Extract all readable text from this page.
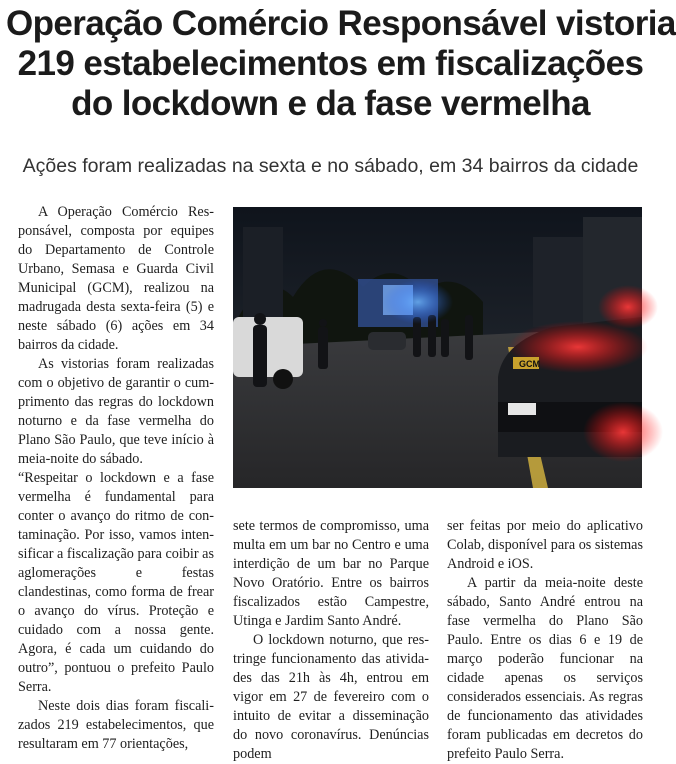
Operação Comércio Responsável vistoria
219 estabelecimentos em fiscalizações
do lockdown e da fase vermelha
Ações foram realizadas na sexta e no sábado, em 34 bairros da cidade

A Operação Comércio Responsável, composta por equipes do Departamento de Controle Urbano, Semasa e Guarda Civil Municipal (GCM), realizou na madrugada desta sexta-feira (5) e neste sábado (6) ações em 34 bairros da cidade.

As vistorias foram realizadas com o objetivo de garantir o cumprimento das regras do lockdown noturno e da fase vermelha do Plano São Paulo, que teve início à meia-noite do sábado.

“Respeitar o lockdown e a fase vermelha é fundamental para conter o avanço do ritmo de contaminação. Por isso, vamos intensificar a fiscalização para coibir as aglomerações e festas clandestinas, como forma de frear o avanço do vírus. Proteção e cuidado com a nossa gente. Agora, é cada um cuidando do outro”, pontuou o prefeito Paulo Serra.

Neste dois dias foram fiscalizados 219 estabelecimentos, que resultaram em 77 orientações,

GCM

sete termos de compromisso, uma multa em um bar no Centro e uma interdição de um bar no Parque Novo Oratório. Entre os bairros fiscalizados estão Campestre, Utinga e Jardim Santo André.

O lockdown noturno, que restringe funcionamento das atividades das 21h às 4h, entrou em vigor em 27 de fevereiro com o intuito de evitar a disseminação do novo coronavírus. Denúncias podem

ser feitas por meio do aplicativo Colab, disponível para os sistemas Android e iOS.

A partir da meia-noite deste sábado, Santo André entrou na fase vermelha do Plano São Paulo. Entre os dias 6 e 19 de março poderão funcionar na cidade apenas os serviços considerados essenciais. As regras de funcionamento das atividades foram publicadas em decretos do prefeito Paulo Serra.
